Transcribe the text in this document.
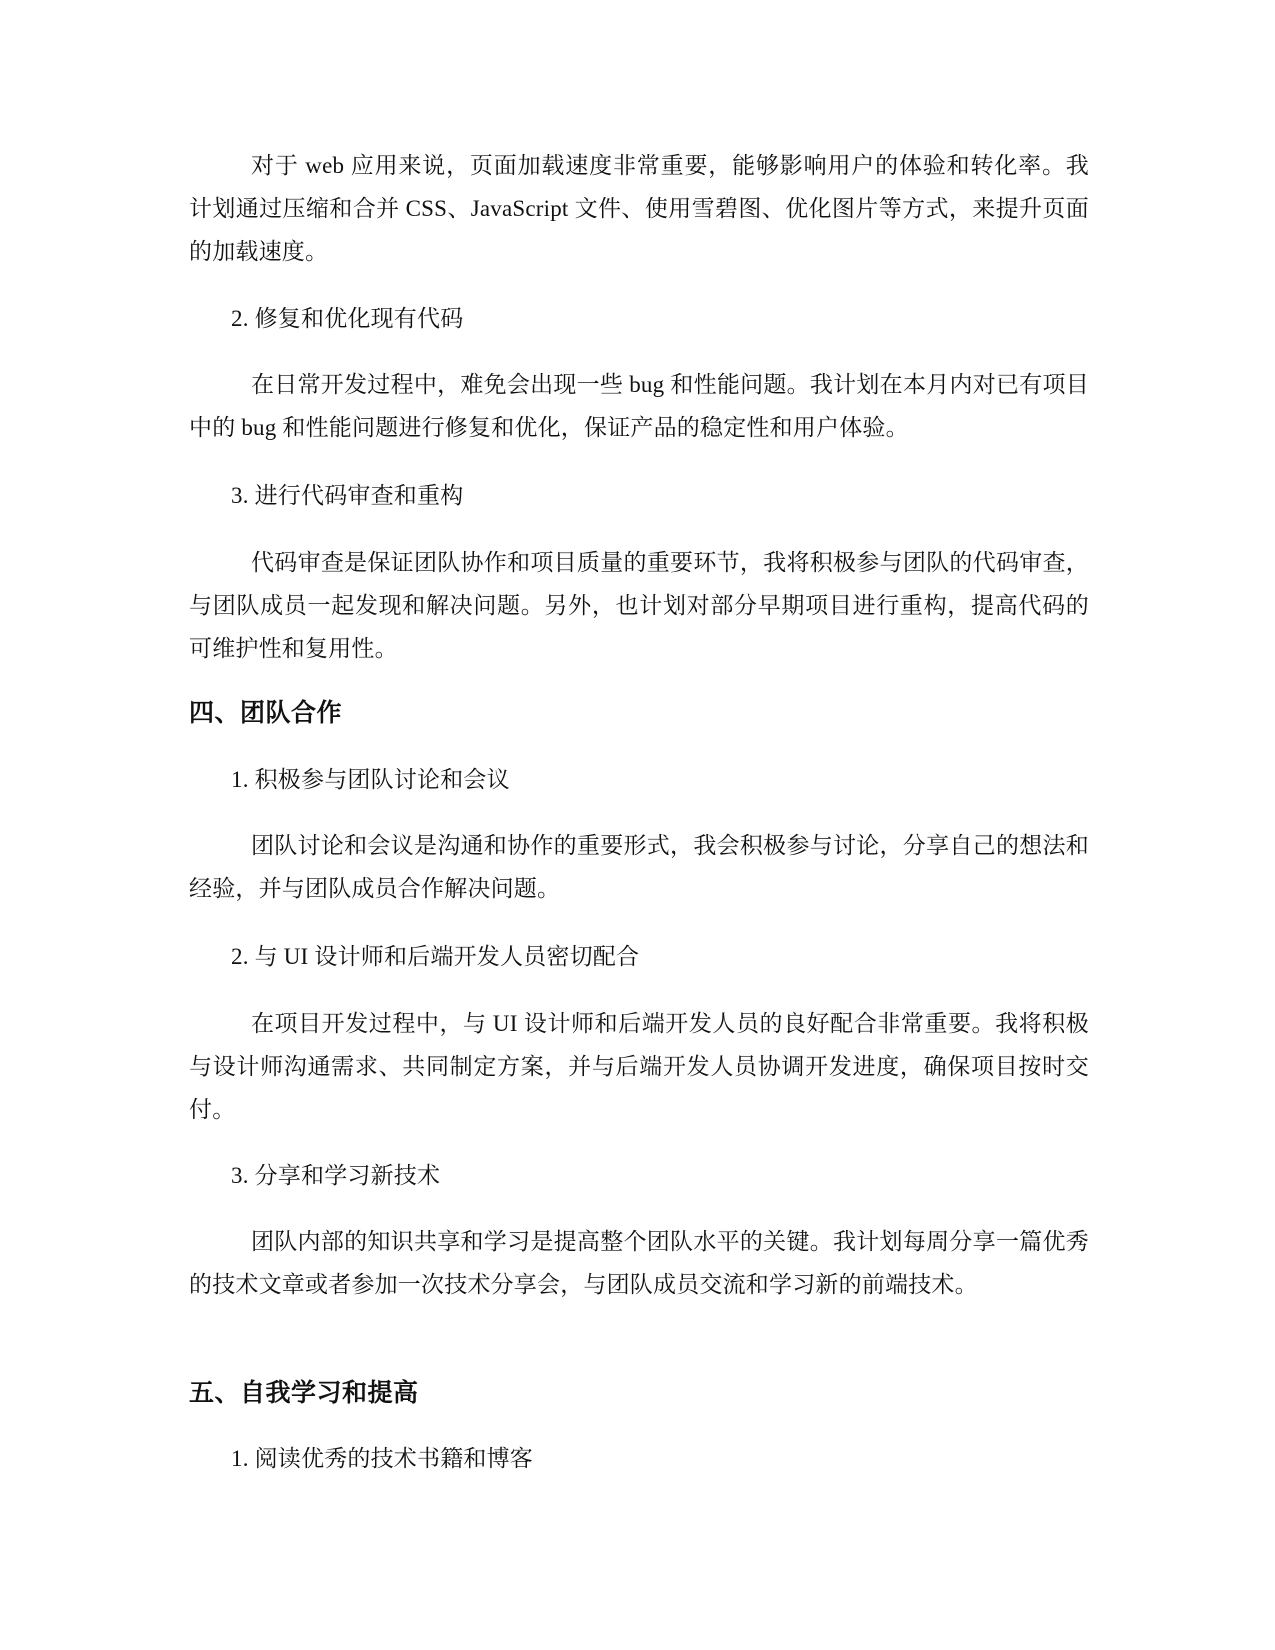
对于 web 应用来说，页面加载速度非常重要，能够影响用户的体验和转化率。我计划通过压缩和合并 CSS、JavaScript 文件、使用雪碧图、优化图片等方式，来提升页面的加载速度。

2. 修复和优化现有代码

在日常开发过程中，难免会出现一些 bug 和性能问题。我计划在本月内对已有项目中的 bug 和性能问题进行修复和优化，保证产品的稳定性和用户体验。

3. 进行代码审查和重构

代码审查是保证团队协作和项目质量的重要环节，我将积极参与团队的代码审查，与团队成员一起发现和解决问题。另外，也计划对部分早期项目进行重构，提高代码的可维护性和复用性。

四、团队合作

1. 积极参与团队讨论和会议

团队讨论和会议是沟通和协作的重要形式，我会积极参与讨论，分享自己的想法和经验，并与团队成员合作解决问题。

2. 与 UI 设计师和后端开发人员密切配合

在项目开发过程中，与 UI 设计师和后端开发人员的良好配合非常重要。我将积极与设计师沟通需求、共同制定方案，并与后端开发人员协调开发进度，确保项目按时交付。

3. 分享和学习新技术

团队内部的知识共享和学习是提高整个团队水平的关键。我计划每周分享一篇优秀的技术文章或者参加一次技术分享会，与团队成员交流和学习新的前端技术。

五、自我学习和提高

1. 阅读优秀的技术书籍和博客
